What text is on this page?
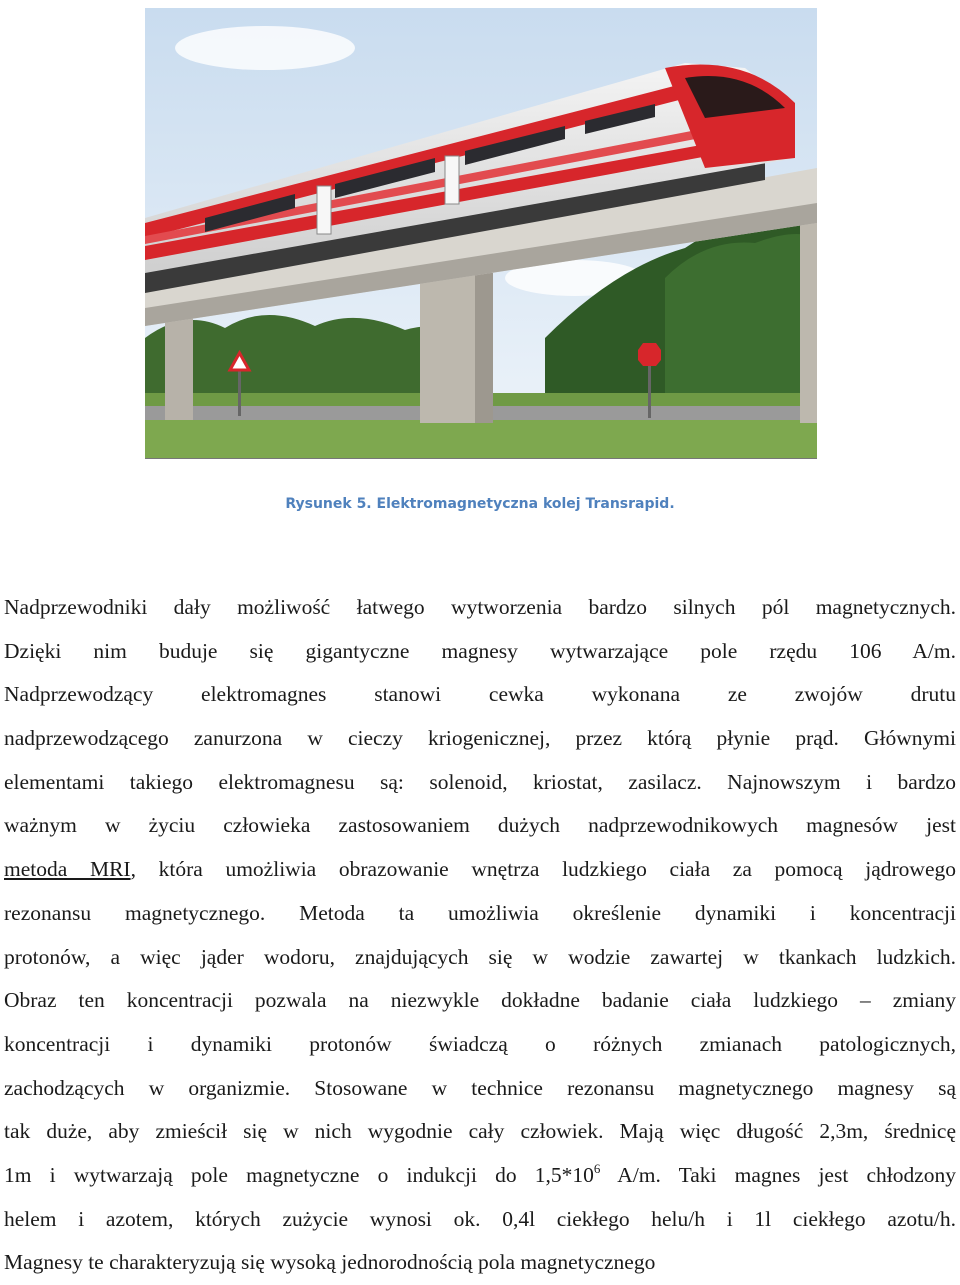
Rysunek 5. Elektromagnetyczna kolej Transrapid.
Nadprzewodniki dały możliwość łatwego wytworzenia bardzo silnych pól magnetycznych.
Dzięki nim buduje się gigantyczne magnesy wytwarzające pole rzędu 106 A/m.
Nadprzewodzący elektromagnes stanowi cewka wykonana ze zwojów drutu
nadprzewodzącego zanurzona w cieczy kriogenicznej, przez którą płynie prąd. Głównymi
elementami takiego elektromagnesu są: solenoid, kriostat, zasilacz. Najnowszym i bardzo
ważnym w życiu człowieka zastosowaniem dużych nadprzewodnikowych magnesów jest
metoda MRI, która umożliwia obrazowanie wnętrza ludzkiego ciała za pomocą jądrowego
rezonansu magnetycznego. Metoda ta umożliwia określenie dynamiki i koncentracji
protonów, a więc jąder wodoru, znajdujących się w wodzie zawartej w tkankach ludzkich.
Obraz ten koncentracji pozwala na niezwykle dokładne badanie ciała ludzkiego – zmiany
koncentracji i dynamiki protonów świadczą o różnych zmianach patologicznych,
zachodzących w organizmie. Stosowane w technice rezonansu magnetycznego magnesy są
tak duże, aby zmieścił się w nich wygodnie cały człowiek. Mają więc długość 2,3m, średnicę
1m i wytwarzają pole magnetyczne o indukcji do $1,5*10^6$ A/m. Taki magnes jest chłodzony
helem i azotem, których zużycie wynosi ok. 0,4l ciekłego helu/h i 1l ciekłego azotu/h.
Magnesy te charakteryzują się wysoką jednorodnością pola magnetycznego
